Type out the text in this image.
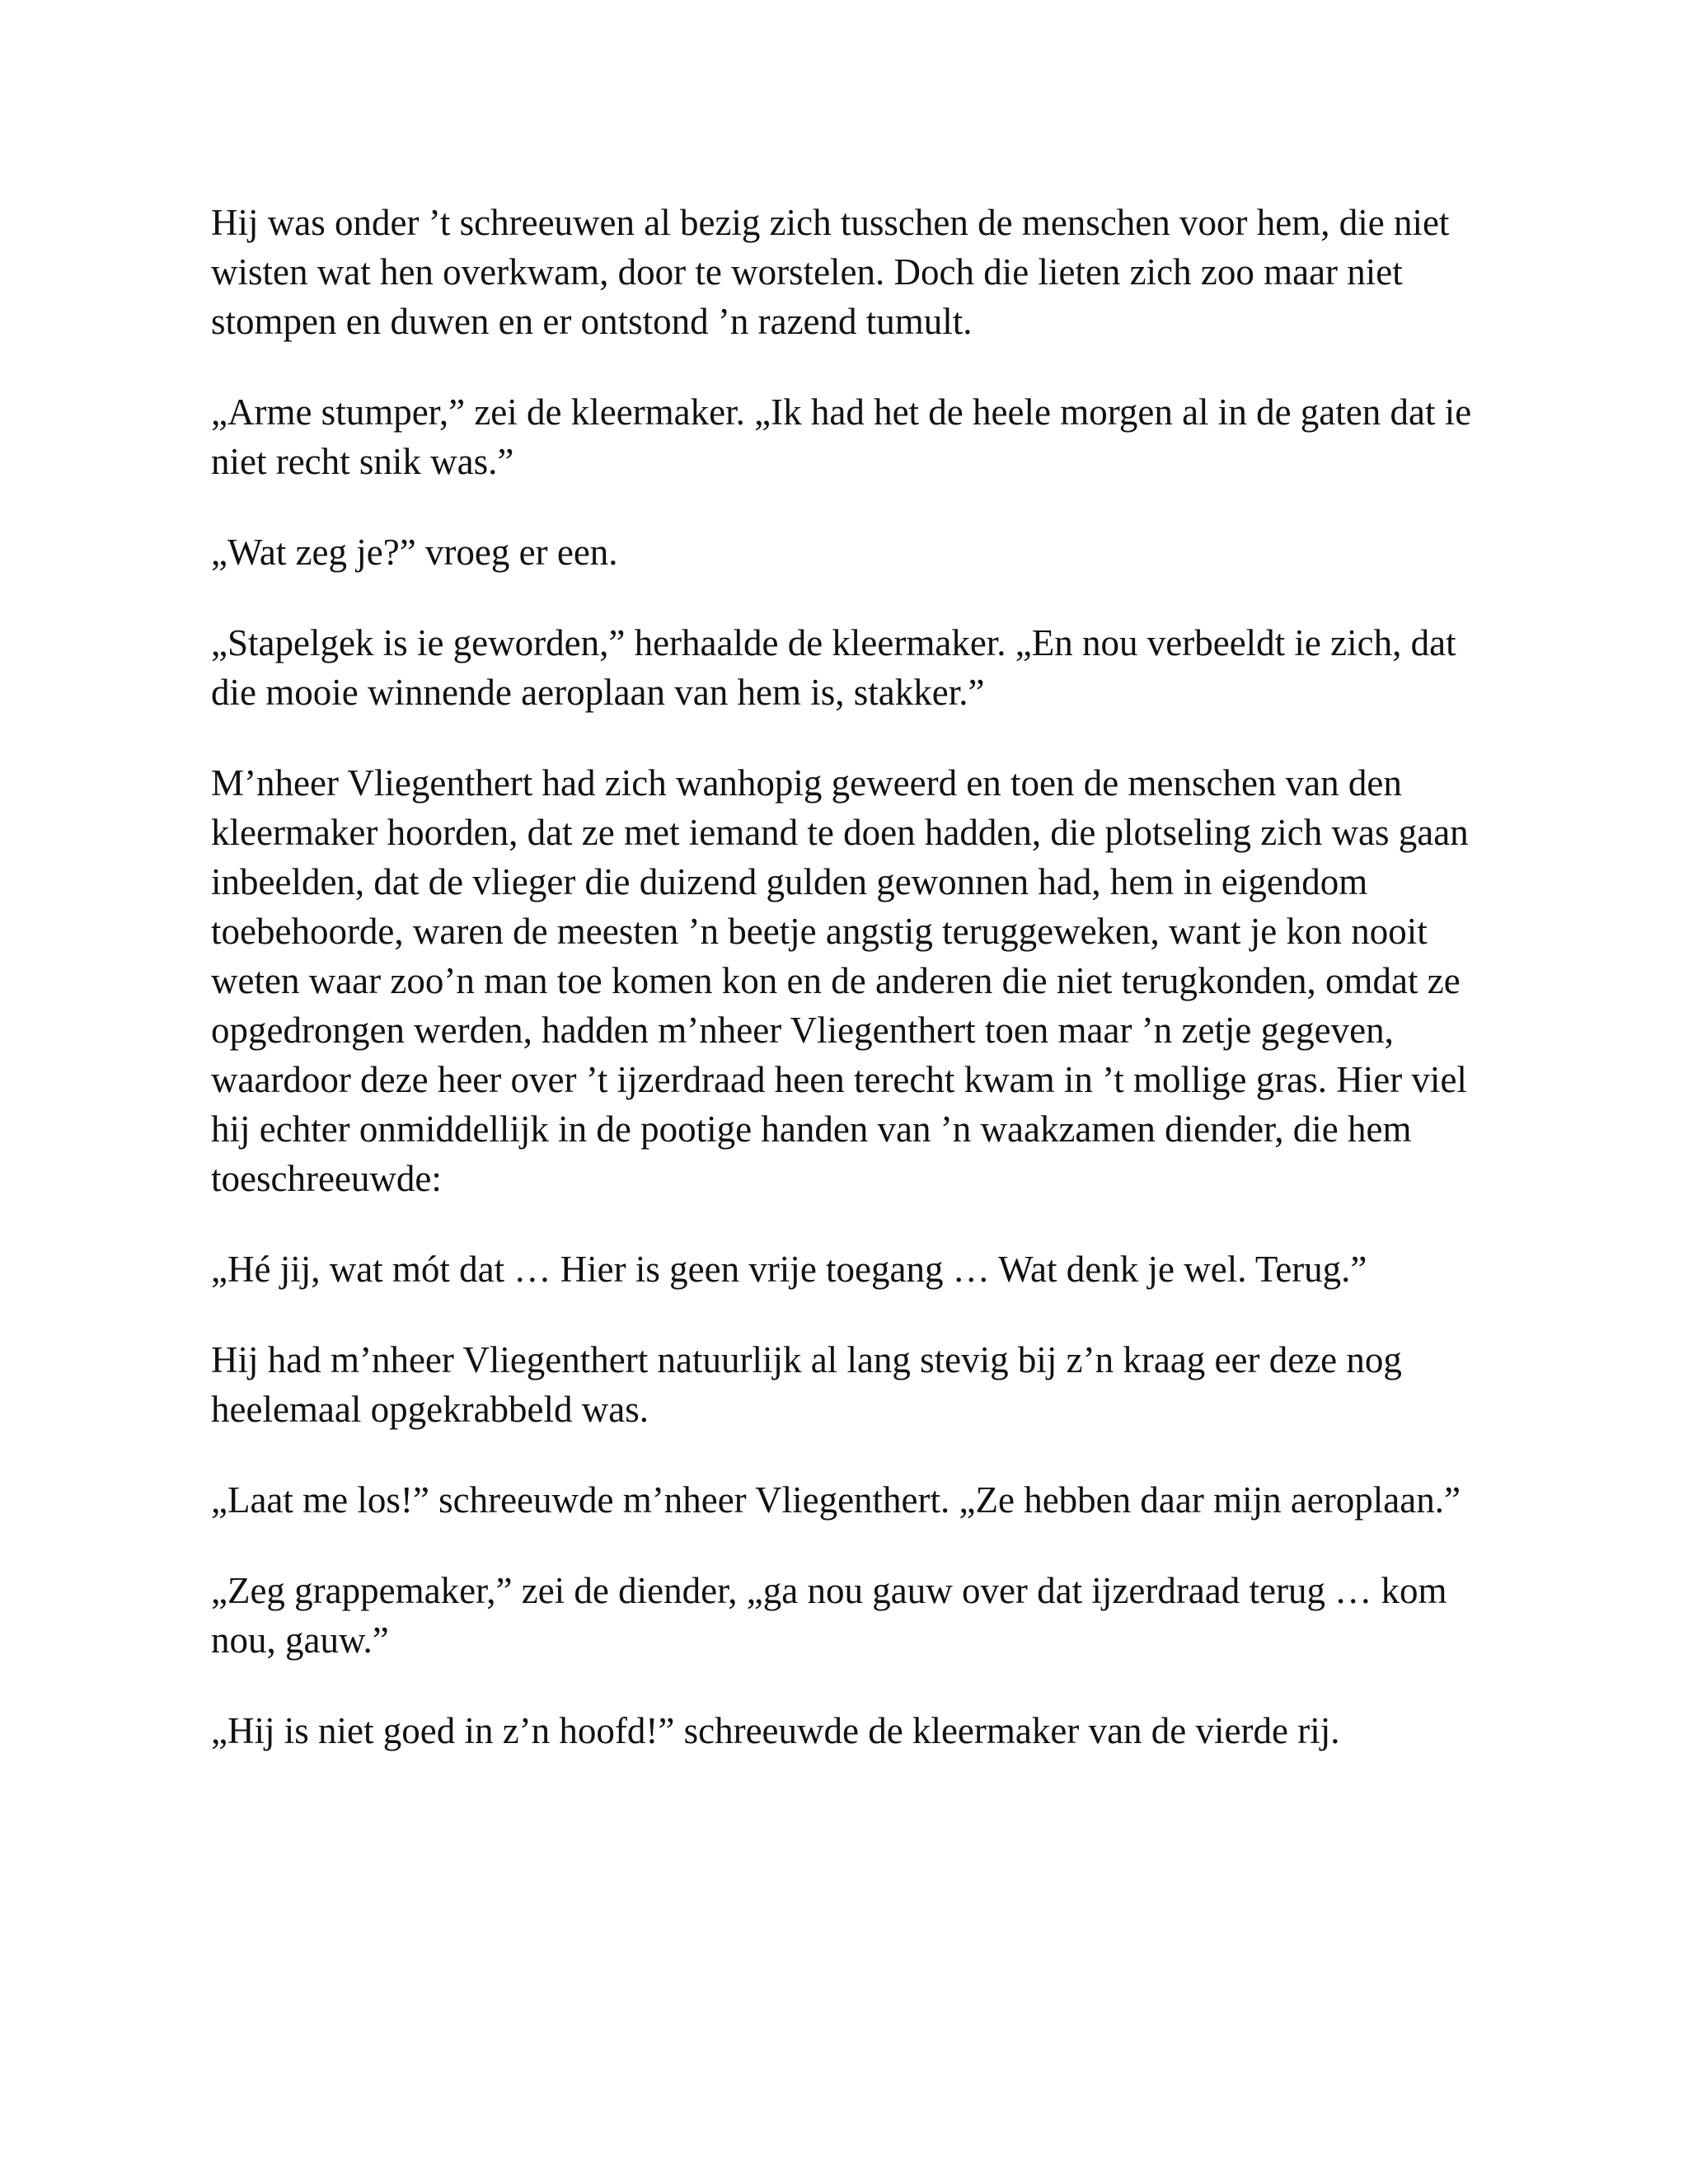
Hij was onder ’t schreeuwen al bezig zich tusschen de menschen voor hem, die niet wisten wat hen overkwam, door te worstelen. Doch die lieten zich zoo maar niet stompen en duwen en er ontstond ’n razend tumult.

„Arme stumper,” zei de kleermaker. „Ik had het de heele morgen al in de gaten dat ie niet recht snik was.”

„Wat zeg je?” vroeg er een.

„Stapelgek is ie geworden,” herhaalde de kleermaker. „En nou verbeeldt ie zich, dat die mooie winnende aeroplaan van hem is, stakker.”

M’nheer Vliegenthert had zich wanhopig geweerd en toen de menschen van den kleermaker hoorden, dat ze met iemand te doen hadden, die plotseling zich was gaan inbeelden, dat de vlieger die duizend gulden gewonnen had, hem in eigendom toebehoorde, waren de meesten ’n beetje angstig teruggeweken, want je kon nooit weten waar zoo’n man toe komen kon en de anderen die niet terugkonden, omdat ze opgedrongen werden, hadden m’nheer Vliegenthert toen maar ’n zetje gegeven, waardoor deze heer over ’t ijzerdraad heen terecht kwam in ’t mollige gras. Hier viel hij echter onmiddellijk in de pootige handen van ’n waakzamen diender, die hem toeschreeuwde:

„Hé jij, wat mót dat … Hier is geen vrije toegang … Wat denk je wel. Terug.”

Hij had m’nheer Vliegenthert natuurlijk al lang stevig bij z’n kraag eer deze nog heelemaal opgekrabbeld was.

„Laat me los!” schreeuwde m’nheer Vliegenthert. „Ze hebben daar mijn aeroplaan.”

„Zeg grappemaker,” zei de diender, „ga nou gauw over dat ijzerdraad terug … kom nou, gauw.”

„Hij is niet goed in z’n hoofd!” schreeuwde de kleermaker van de vierde rij.
